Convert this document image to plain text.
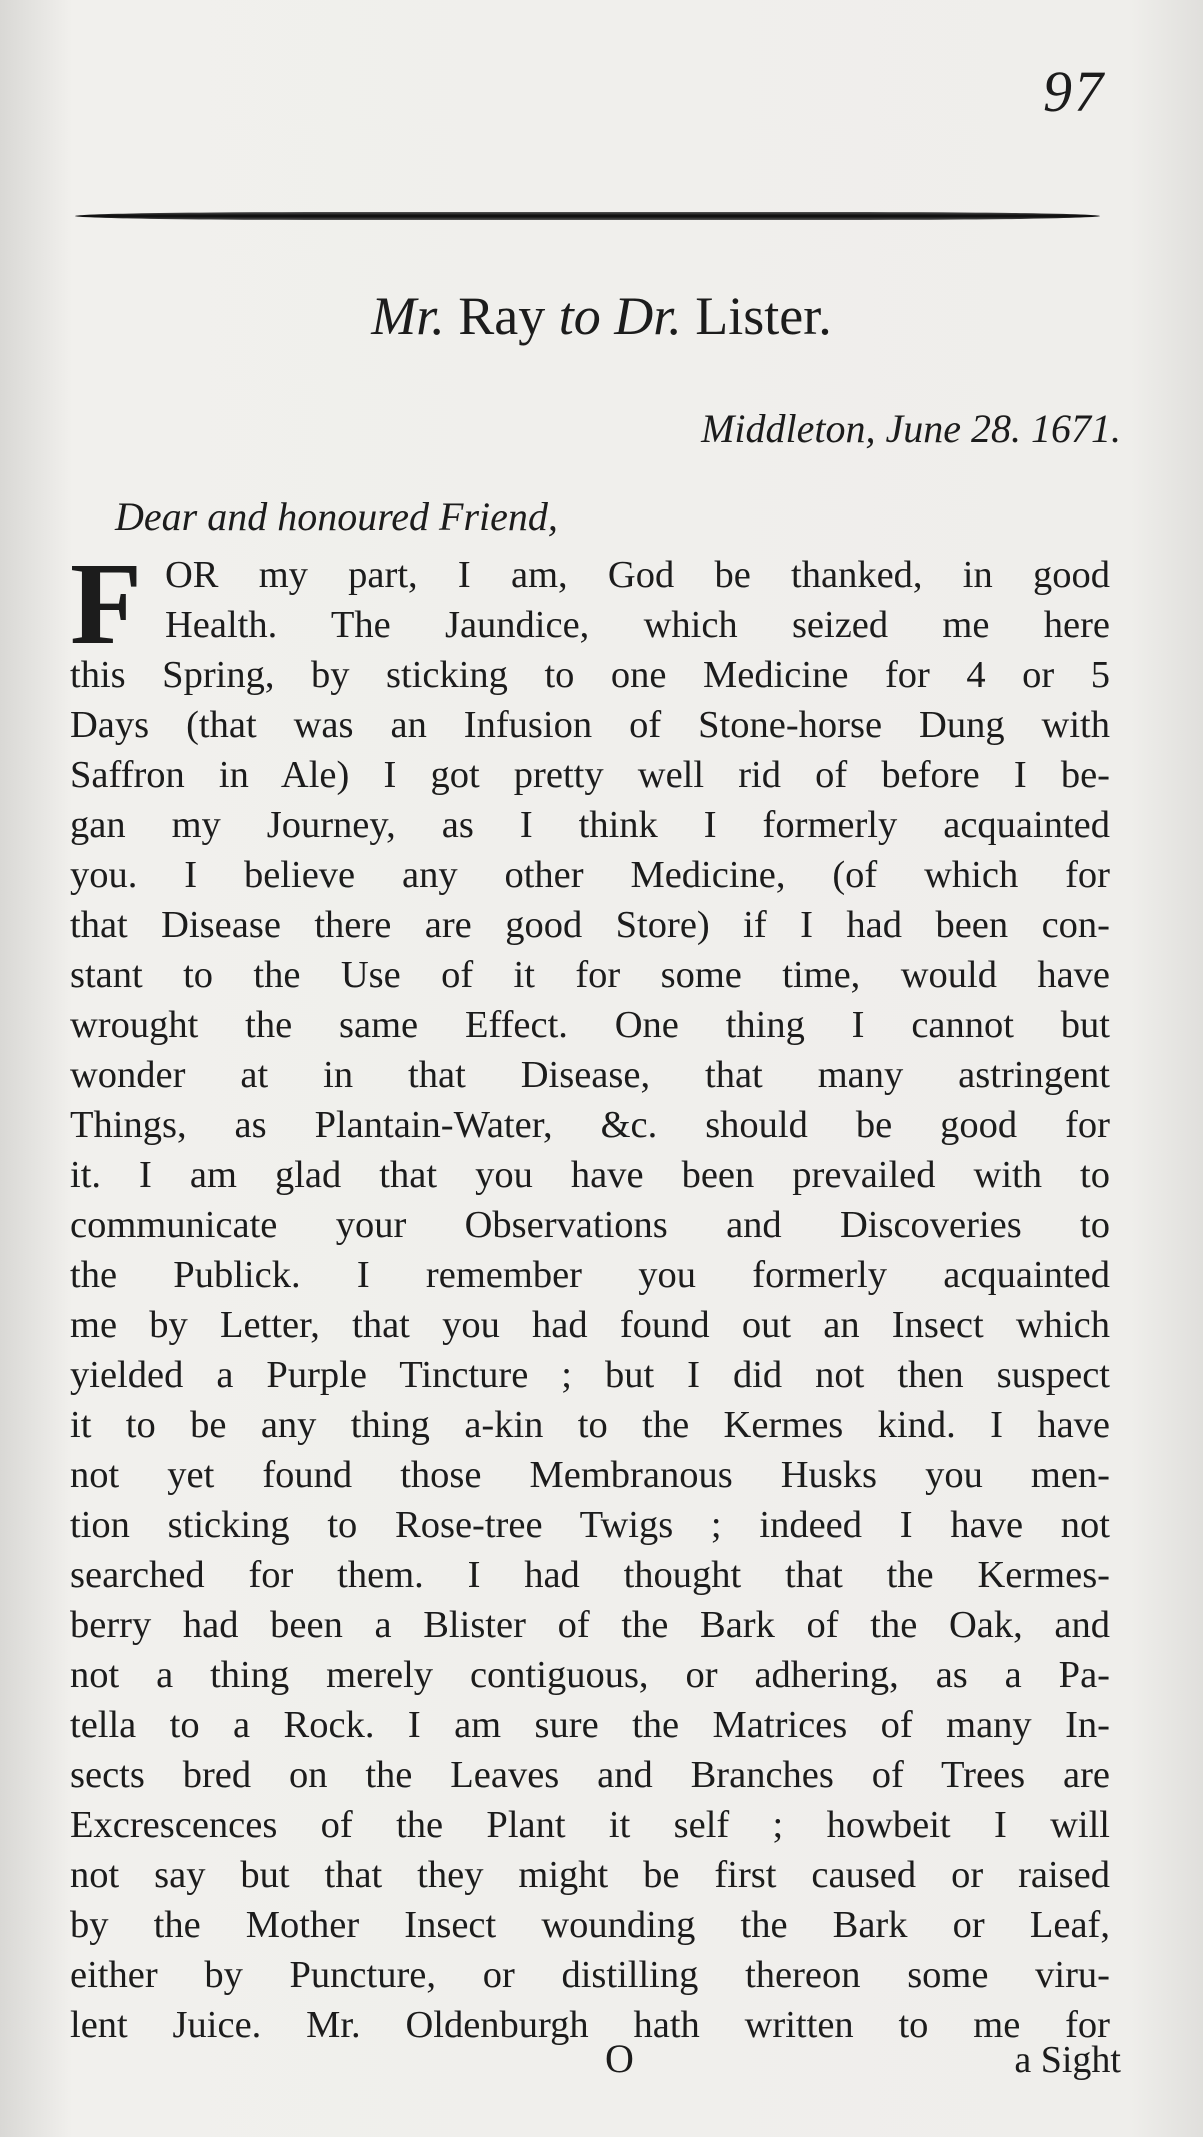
97
Mr. Ray to Dr. Lister.
Middleton, June 28. 1671.
Dear and honoured Friend,
F OR my part, I am, God be thanked, in good
Health. The Jaundice, which seized me here
this Spring, by sticking to one Medicine for 4 or 5
Days (that was an Infusion of Stone-horse Dung with
Saffron in Ale) I got pretty well rid of before I be-
gan my Journey, as I think I formerly acquainted
you. I believe any other Medicine, (of which for
that Disease there are good Store) if I had been con-
stant to the Use of it for some time, would have
wrought the same Effect. One thing I cannot but
wonder at in that Disease, that many astringent
Things, as Plantain-Water, &c. should be good for
it. I am glad that you have been prevailed with to
communicate your Observations and Discoveries to
the Publick. I remember you formerly acquainted
me by Letter, that you had found out an Insect which
yielded a Purple Tincture ; but I did not then suspect
it to be any thing a-kin to the Kermes kind. I have
not yet found those Membranous Husks you men-
tion sticking to Rose-tree Twigs ; indeed I have not
searched for them. I had thought that the Kermes-
berry had been a Blister of the Bark of the Oak, and
not a thing merely contiguous, or adhering, as a Pa-
tella to a Rock. I am sure the Matrices of many In-
sects bred on the Leaves and Branches of Trees are
Excrescences of the Plant it self ; howbeit I will
not say but that they might be first caused or raised
by the Mother Insect wounding the Bark or Leaf,
either by Puncture, or distilling thereon some viru-
lent Juice. Mr. Oldenburgh hath written to me for
O	a Sight
